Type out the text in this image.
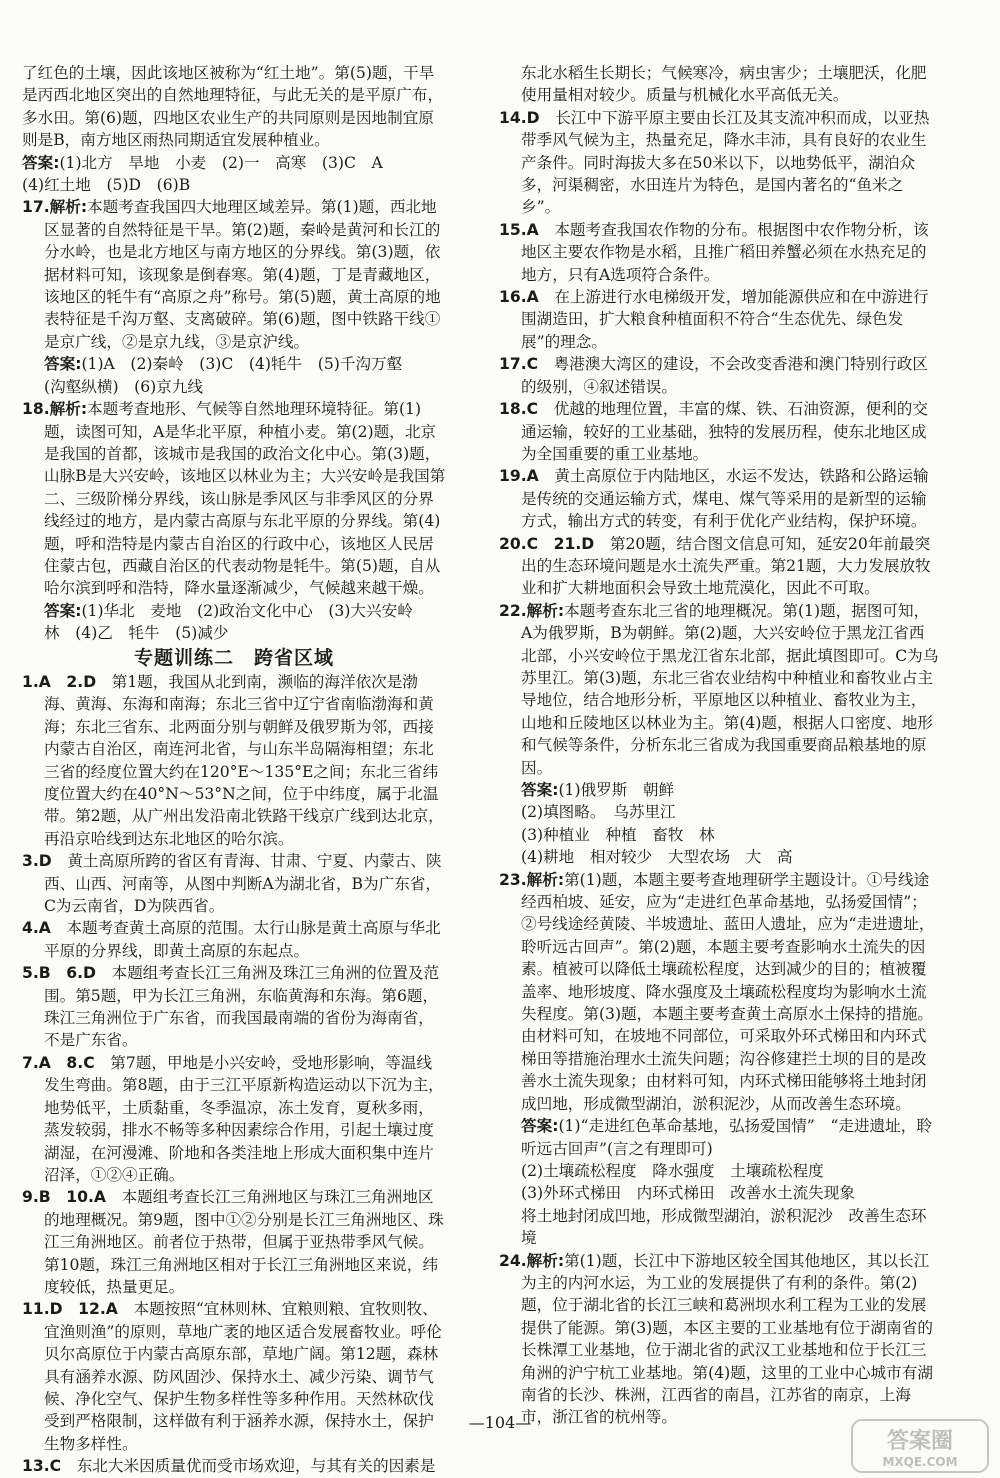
了红色的土壤，因此该地区被称为“红土地”。第(5)题，干旱是丙西北地区突出的自然地理特征，与此无关的是平原广布，多水田。第(6)题，四地区农业生产的共同原则是因地制宜原则是B，南方地区雨热同期适宜发展种植业。

答案:(1)北方　旱地　小麦　(2)一　高寒　(3)C　A

(4)红土地　(5)D　(6)B

17.解析:本题考查我国四大地理区域差异。第(1)题，西北地区显著的自然特征是干旱。第(2)题，秦岭是黄河和长江的分水岭，也是北方地区与南方地区的分界线。第(3)题，依据材料可知，该现象是倒春寒。第(4)题，丁是青藏地区，该地区的牦牛有“高原之舟”称号。第(5)题，黄土高原的地表特征是千沟万壑、支离破碎。第(6)题，图中铁路干线①是京广线，②是京九线，③是京沪线。

答案:(1)A　(2)秦岭　(3)C　(4)牦牛　(5)千沟万壑

(沟壑纵横)　(6)京九线

18.解析:本题考查地形、气候等自然地理环境特征。第(1)题，读图可知，A是华北平原，种植小麦。第(2)题，北京是我国的首都，该城市是我国的政治文化中心。第(3)题，山脉B是大兴安岭，该地区以林业为主；大兴安岭是我国第二、三级阶梯分界线，该山脉是季风区与非季风区的分界线经过的地方，是内蒙古高原与东北平原的分界线。第(4)题，呼和浩特是内蒙古自治区的行政中心，该地区人民居住蒙古包，西藏自治区的代表动物是牦牛。第(5)题，自从哈尔滨到呼和浩特，降水量逐渐减少，气候越来越干燥。

答案:(1)华北　麦地　(2)政治文化中心　(3)大兴安岭

林　(4)乙　牦牛　(5)减少

专题训练二　跨省区域

1.A　2.D　 第1题，我国从北到南，濒临的海洋依次是渤海、黄海、东海和南海；东北三省中辽宁省南临渤海和黄海；东北三省东、北两面分别与朝鲜及俄罗斯为邻，西接内蒙古自治区，南连河北省，与山东半岛隔海相望；东北三省的经度位置大约在120°E～135°E之间；东北三省纬度位置大约在40°N～53°N之间，位于中纬度，属于北温带。第2题，从广州出发沿南北铁路干线京广线到达北京，再沿京哈线到达东北地区的哈尔滨。

3.D　 黄土高原所跨的省区有青海、甘肃、宁夏、内蒙古、陕西、山西、河南等，从图中判断A为湖北省，B为广东省，C为云南省，D为陕西省。

4.A　 本题考查黄土高原的范围。太行山脉是黄土高原与华北平原的分界线，即黄土高原的东起点。

5.B　6.D　 本题组考查长江三角洲及珠江三角洲的位置及范围。第5题，甲为长江三角洲，东临黄海和东海。第6题，珠江三角洲位于广东省，而我国最南端的省份为海南省，不是广东省。

7.A　8.C　 第7题，甲地是小兴安岭，受地形影响，等温线发生弯曲。第8题，由于三江平原新构造运动以下沉为主，地势低平，土质黏重，冬季温凉，冻土发育，夏秋多雨，蒸发较弱，排水不畅等多种因素综合作用，引起土壤过度湖湿，在河漫滩、阶地和各类洼地上形成大面积集中连片沼泽，①②④正确。

9.B　10.A　 本题组考查长江三角洲地区与珠江三角洲地区的地理概况。第9题，图中①②分别是长江三角洲地区、珠江三角洲地区。前者位于热带，但属于亚热带季风气候。第10题，珠江三角洲地区相对于长江三角洲地区来说，纬度较低，热量更足。

11.D　12.A　 本题按照“宜林则林、宜粮则粮、宜牧则牧、宜渔则渔”的原则，草地广袤的地区适合发展畜牧业。呼伦贝尔高原位于内蒙古高原东部，草地广阔。第12题，森林具有涵养水源、防风固沙、保持水土、减少污染、调节气候、净化空气、保护生物多样性等多种作用。天然林砍伐受到严格限制，这样做有利于涵养水源，保持水土，保护生物多样性。

13.C　 东北大米因质量优而受市场欢迎，与其有关的因素是

东北水稻生长期长；气候寒冷，病虫害少；土壤肥沃，化肥使用量相对较少。质量与机械化水平高低无关。

14.D　 长江中下游平原主要由长江及其支流冲积而成，以亚热带季风气候为主，热量充足，降水丰沛，具有良好的农业生产条件。同时海拔大多在50米以下，以地势低平，湖泊众多，河渠稠密，水田连片为特色，是国内著名的“鱼米之乡”。

15.A　 本题考查我国农作物的分布。根据图中农作物分析，该地区主要农作物是水稻，且推广稻田养蟹必须在水热充足的地方，只有A选项符合条件。

16.A　 在上游进行水电梯级开发，增加能源供应和在中游进行围湖造田，扩大粮食种植面积不符合“生态优先、绿色发展”的理念。

17.C　 粤港澳大湾区的建设，不会改变香港和澳门特别行政区的级别，④叙述错误。

18.C　 优越的地理位置，丰富的煤、铁、石油资源，便利的交通运输，较好的工业基础，独特的发展历程，使东北地区成为全国重要的重工业基地。

19.A　 黄土高原位于内陆地区，水运不发达，铁路和公路运输是传统的交通运输方式，煤电、煤气等采用的是新型的运输方式，输出方式的转变，有利于优化产业结构，保护环境。

20.C　21.D　 第20题，结合图文信息可知，延安20年前最突出的生态环境问题是水土流失严重。第21题，大力发展放牧业和扩大耕地面积会导致土地荒漠化，因此不可取。

22.解析:本题考查东北三省的地理概况。第(1)题，据图可知，A为俄罗斯，B为朝鲜。第(2)题，大兴安岭位于黑龙江省西北部，小兴安岭位于黑龙江省东北部，据此填图即可。C为乌苏里江。第(3)题，东北三省农业结构中种植业和畜牧业占主导地位，结合地形分析，平原地区以种植业、畜牧业为主，山地和丘陵地区以林业为主。第(4)题，根据人口密度、地形和气候等条件，分析东北三省成为我国重要商品粮基地的原因。

答案:(1)俄罗斯　朝鲜

(2)填图略。　乌苏里江

(3)种植业　种植　畜牧　林

(4)耕地　相对较少　大型农场　大　高

23.解析:第(1)题，本题主要考查地理研学主题设计。①号线途经西柏坡、延安，应为“走进红色革命基地，弘扬爱国情”；②号线途经黄陵、半坡遗址、蓝田人遗址，应为“走进遗址，聆听远古回声”。第(2)题，本题主要考查影响水土流失的因素。植被可以降低土壤疏松程度，达到减少的目的；植被覆盖率、地形坡度、降水强度及土壤疏松程度均为影响水土流失程度。第(3)题，本题主要考查黄土高原水土保持的措施。由材料可知，在坡地不同部位，可采取外环式梯田和内环式梯田等措施治理水土流失问题；沟谷修建拦土坝的目的是改善水土流失现象；由材料可知，内环式梯田能够将土地封闭成凹地，形成微型湖泊，淤积泥沙，从而改善生态环境。

答案:(1)“走进红色革命基地，弘扬爱国情”　“走进遗址，聆听远古回声”(言之有理即可)

(2)土壤疏松程度　降水强度　土壤疏松程度

(3)外环式梯田　内环式梯田　改善水土流失现象

将土地封闭成凹地，形成微型湖泊，淤积泥沙　改善生态环境

24.解析:第(1)题，长江中下游地区较全国其他地区，其以长江为主的内河水运，为工业的发展提供了有利的条件。第(2)题，位于湖北省的长江三峡和葛洲坝水利工程为工业的发展提供了能源。第(3)题，本区主要的工业基地有位于湖南省的长株潭工业基地，位于湖北省的武汉工业基地和位于长江三角洲的沪宁杭工业基地。第(4)题，这里的工业中心城市有湖南省的长沙、株洲，江西省的南昌，江苏省的南京，上海市，浙江省的杭州等。

—104—
答案圈
MXQE.COM
